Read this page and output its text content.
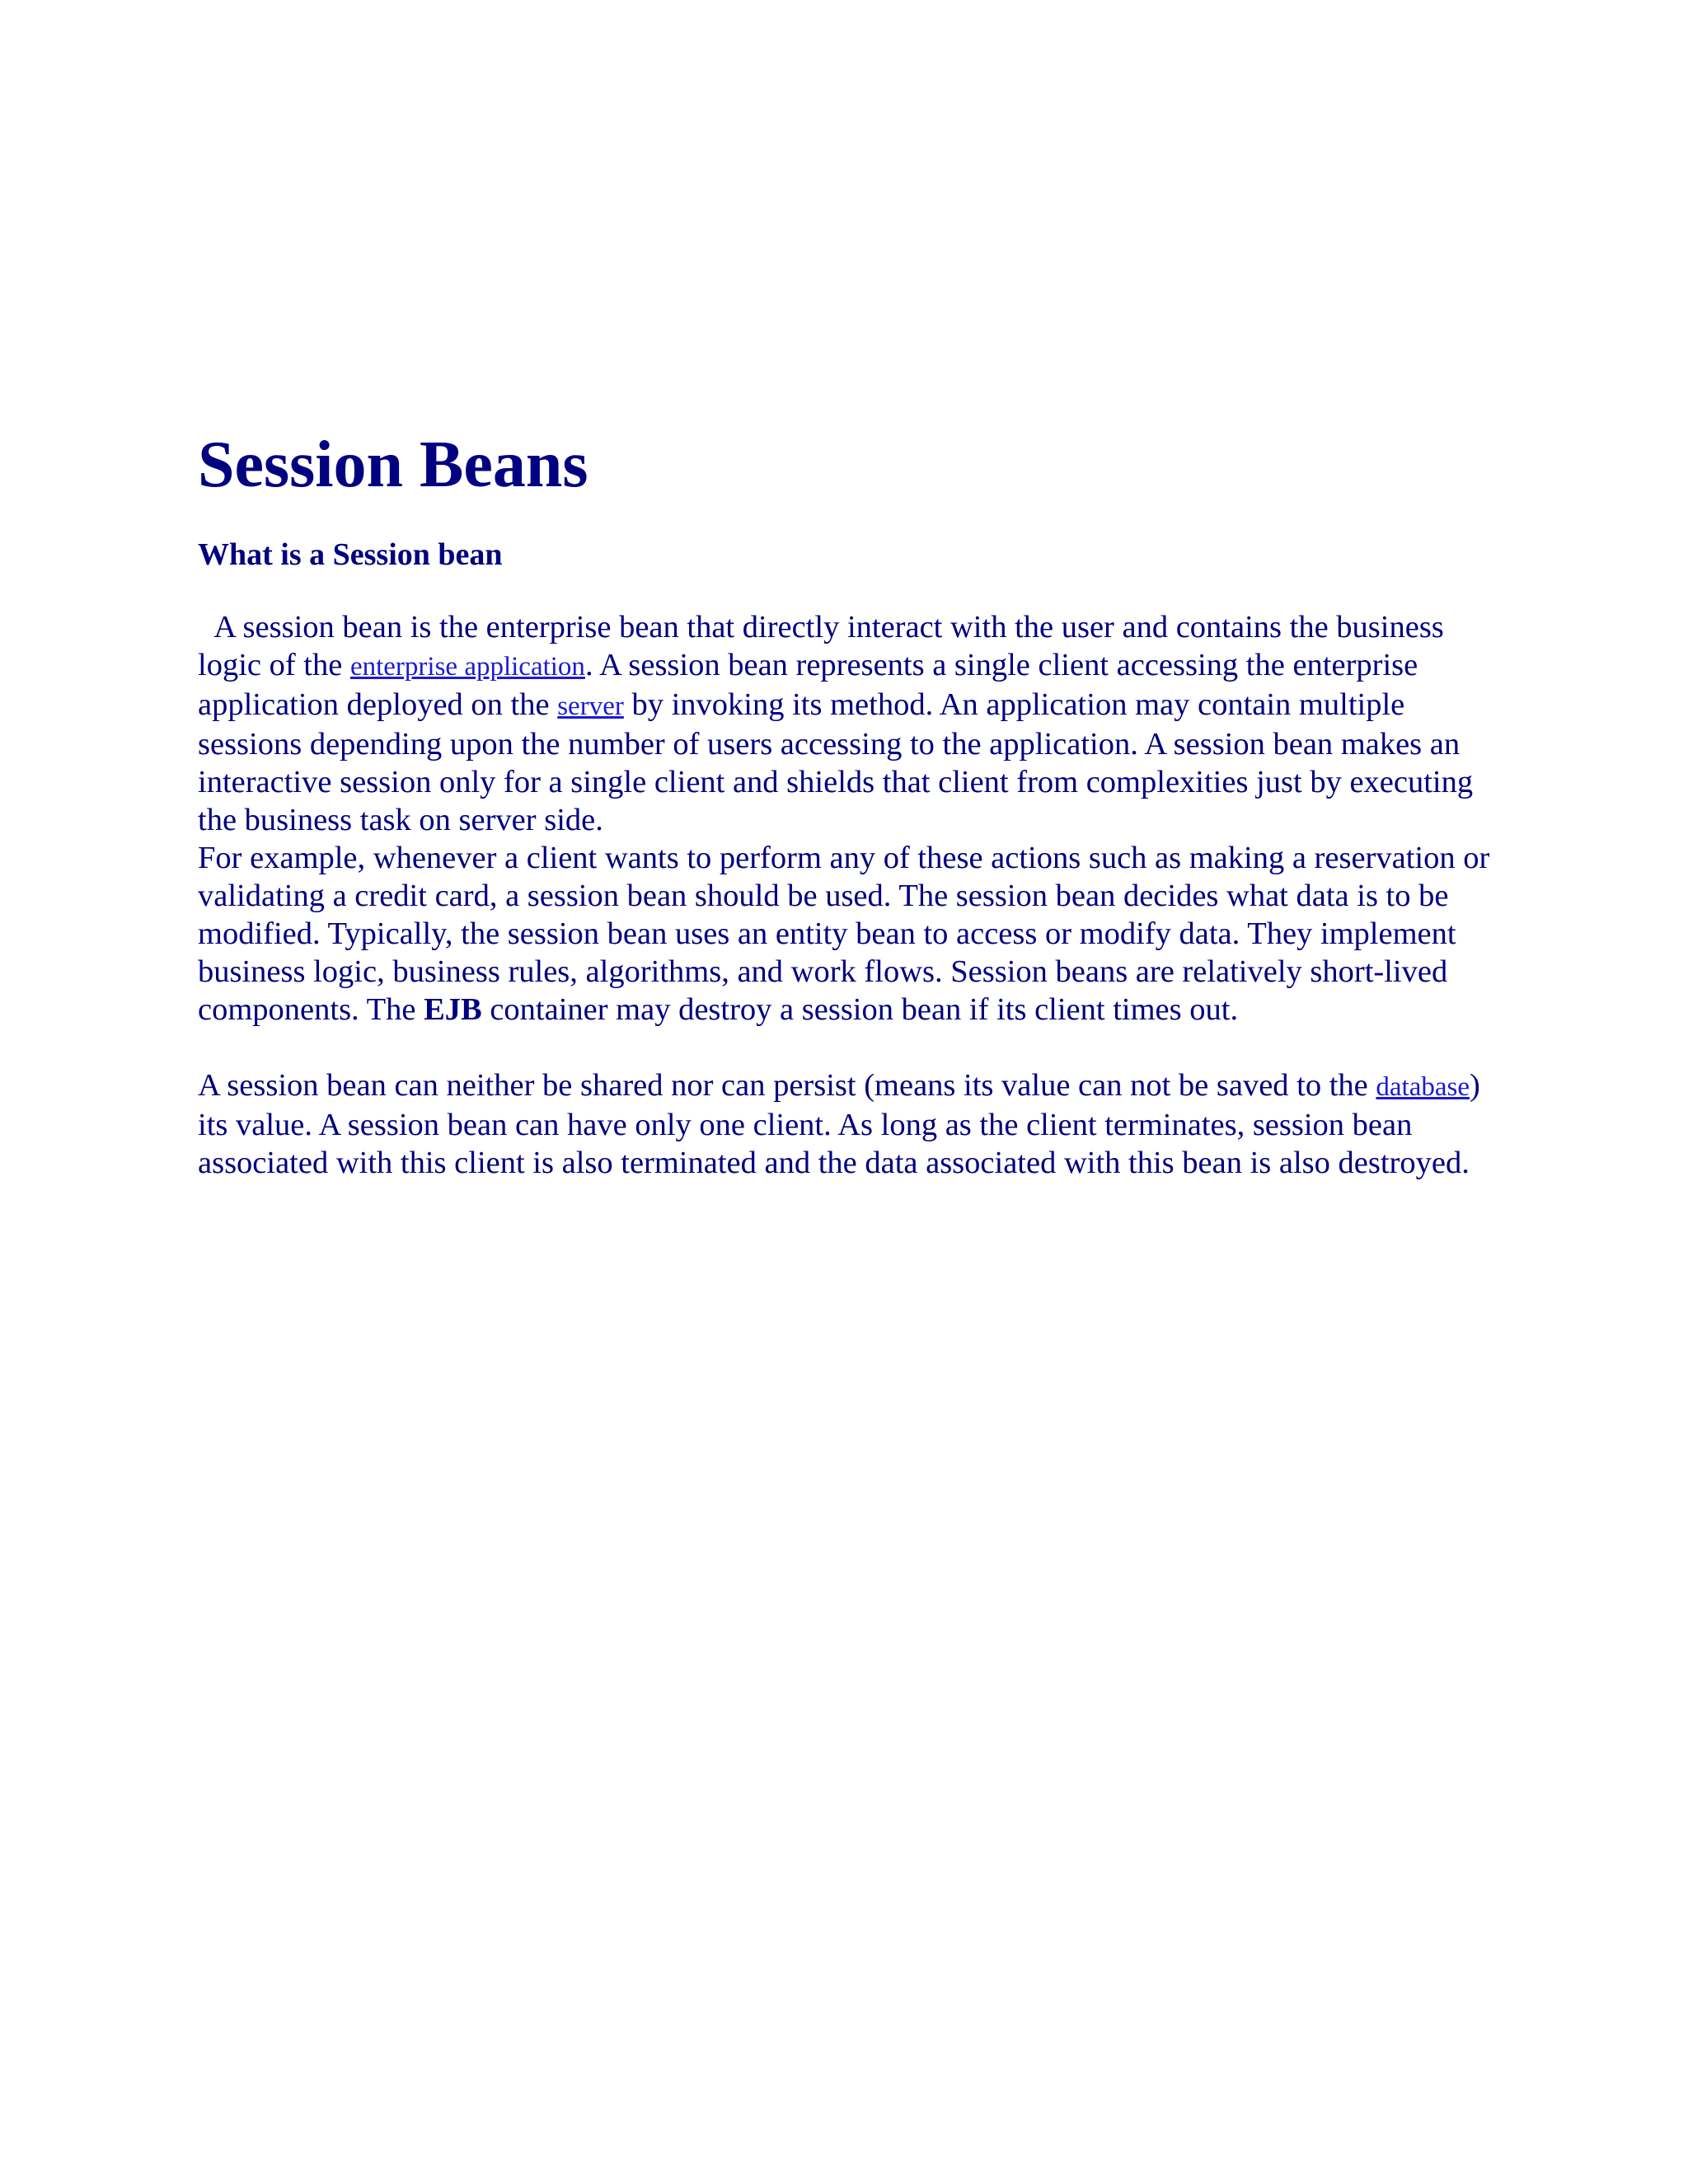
Session Beans
What is a Session bean

A session bean is the enterprise bean that directly interact with the user and contains the business logic of the enterprise application. A session bean represents a single client accessing the enterprise application deployed on the server by invoking its method. An application may contain multiple sessions depending upon the number of users accessing to the application. A session bean makes an interactive session only for a single client and shields that client from complexities just by executing the business task on server side.

For example, whenever a client wants to perform any of these actions such as making a reservation or validating a credit card, a session bean should be used. The session bean decides what data is to be modified. Typically, the session bean uses an entity bean to access or modify data. They implement business logic, business rules, algorithms, and work flows. Session beans are relatively short-lived components. The EJB container may destroy a session bean if its client times out.

A session bean can neither be shared nor can persist (means its value can not be saved to the database) its value. A session bean can have only one client. As long as the client terminates, session bean associated with this client is also terminated and the data associated with this bean is also destroyed.
